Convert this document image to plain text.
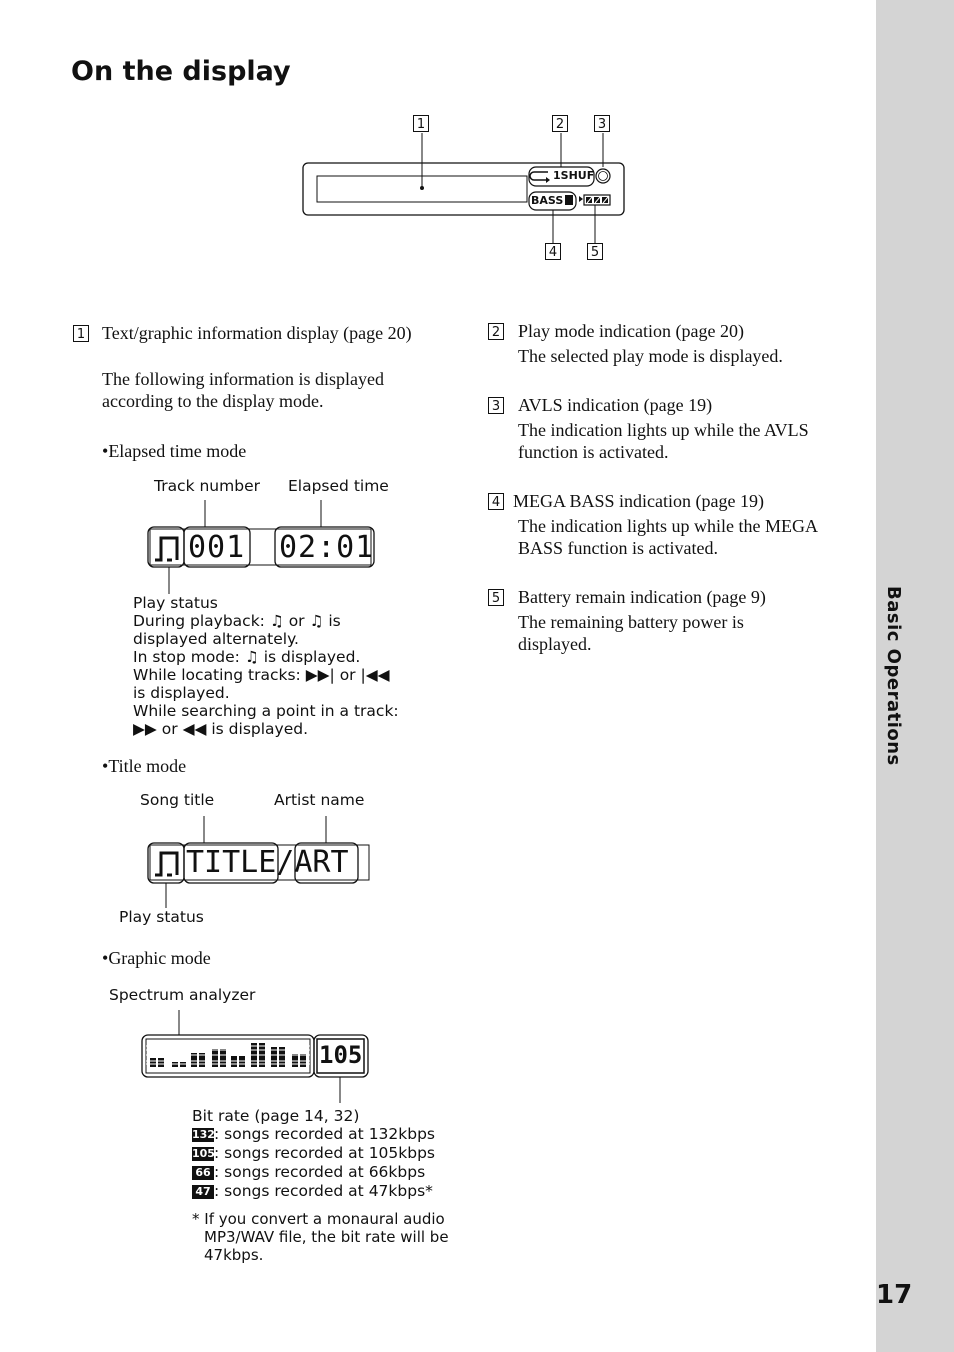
Basic Operations
17
On the display
1	2	3
4	5
1SHUF
BASS
1 Text/graphic information display (page 20)
The following information is displayed according to the display mode.
•Elapsed time mode
Track number Elapsed time
001 02:01
Play status
During playback: ♫ or ♫ is
displayed alternately.
In stop mode: ♫ is displayed.
While locating tracks: ▶▶| or |◀◀
is displayed.
While searching a point in a track:
▶▶ or ◀◀ is displayed.
•Title mode
Song title	Artist name
TITLE/ART
Play status
•Graphic mode
Spectrum analyzer
105
Bit rate (page 14, 32)
132: songs recorded at 132kbps
105: songs recorded at 105kbps
66 : songs recorded at 66kbps
47 : songs recorded at 47kbps*
* If you convert a monaural audio MP3/WAV file, the bit rate will be 47kbps.
2 Play mode indication (page 20)
The selected play mode is displayed.
3 AVLS indication (page 19)
The indication lights up while the AVLS function is activated.
4 MEGA BASS indication (page 19)
The indication lights up while the MEGA BASS function is activated.
5 Battery remain indication (page 9)
The remaining battery power is displayed.
